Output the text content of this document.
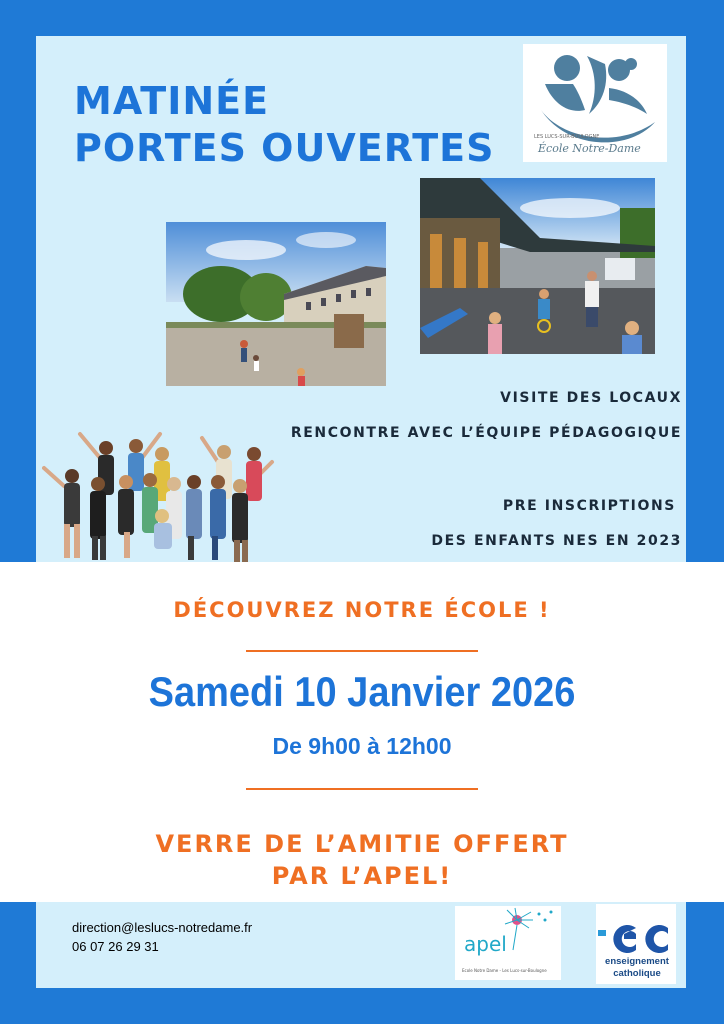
MATINÉE
PORTES OUVERTES	LES LUCS-SUR-BOULOGNE
École Notre-Dame
VISITE DES LOCAUX
RENCONTRE AVEC L’ÉQUIPE PÉDAGOGIQUE
PRE INSCRIPTIONS
DES ENFANTS NES EN 2023
DÉCOUVREZ NOTRE ÉCOLE !
Samedi 10 Janvier 2026
De 9h00 à 12h00
VERRE DE L’AMITIE OFFERT
PAR L’APEL!
direction@leslucs-notredame.fr
06 07 26 29 31	apel
Ecole Notre Dame - Les Lucs-sur-Boulogne
enseignement
catholique
